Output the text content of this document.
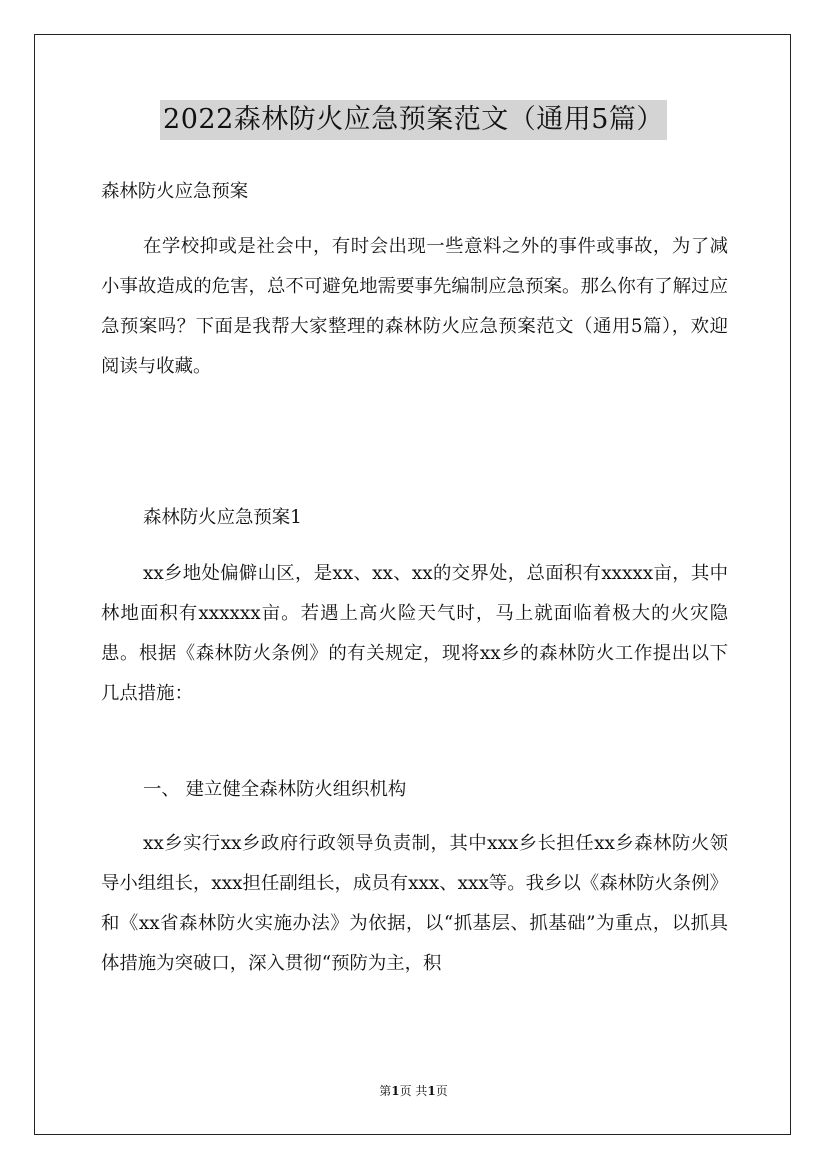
2022森林防火应急预案范文（通用5篇）

森林防火应急预案

在学校抑或是社会中，有时会出现一些意料之外的事件或事故，为了减小事故造成的危害，总不可避免地需要事先编制应急预案。那么你有了解过应急预案吗？下面是我帮大家整理的森林防火应急预案范文（通用5篇），欢迎阅读与收藏。

森林防火应急预案1

xx乡地处偏僻山区，是xx、xx、xx的交界处，总面积有xxxxx亩，其中林地面积有xxxxxx亩。若遇上高火险天气时，马上就面临着极大的火灾隐患。根据《森林防火条例》的有关规定，现将xx乡的森林防火工作提出以下几点措施：

一、 建立健全森林防火组织机构

xx乡实行xx乡政府行政领导负责制，其中xxx乡长担任xx乡森林防火领导小组组长，xxx担任副组长，成员有xxx、xxx等。我乡以《森林防火条例》和《xx省森林防火实施办法》为依据，以“抓基层、抓基础”为重点，以抓具体措施为突破口，深入贯彻“预防为主，积

第1页 共1页
